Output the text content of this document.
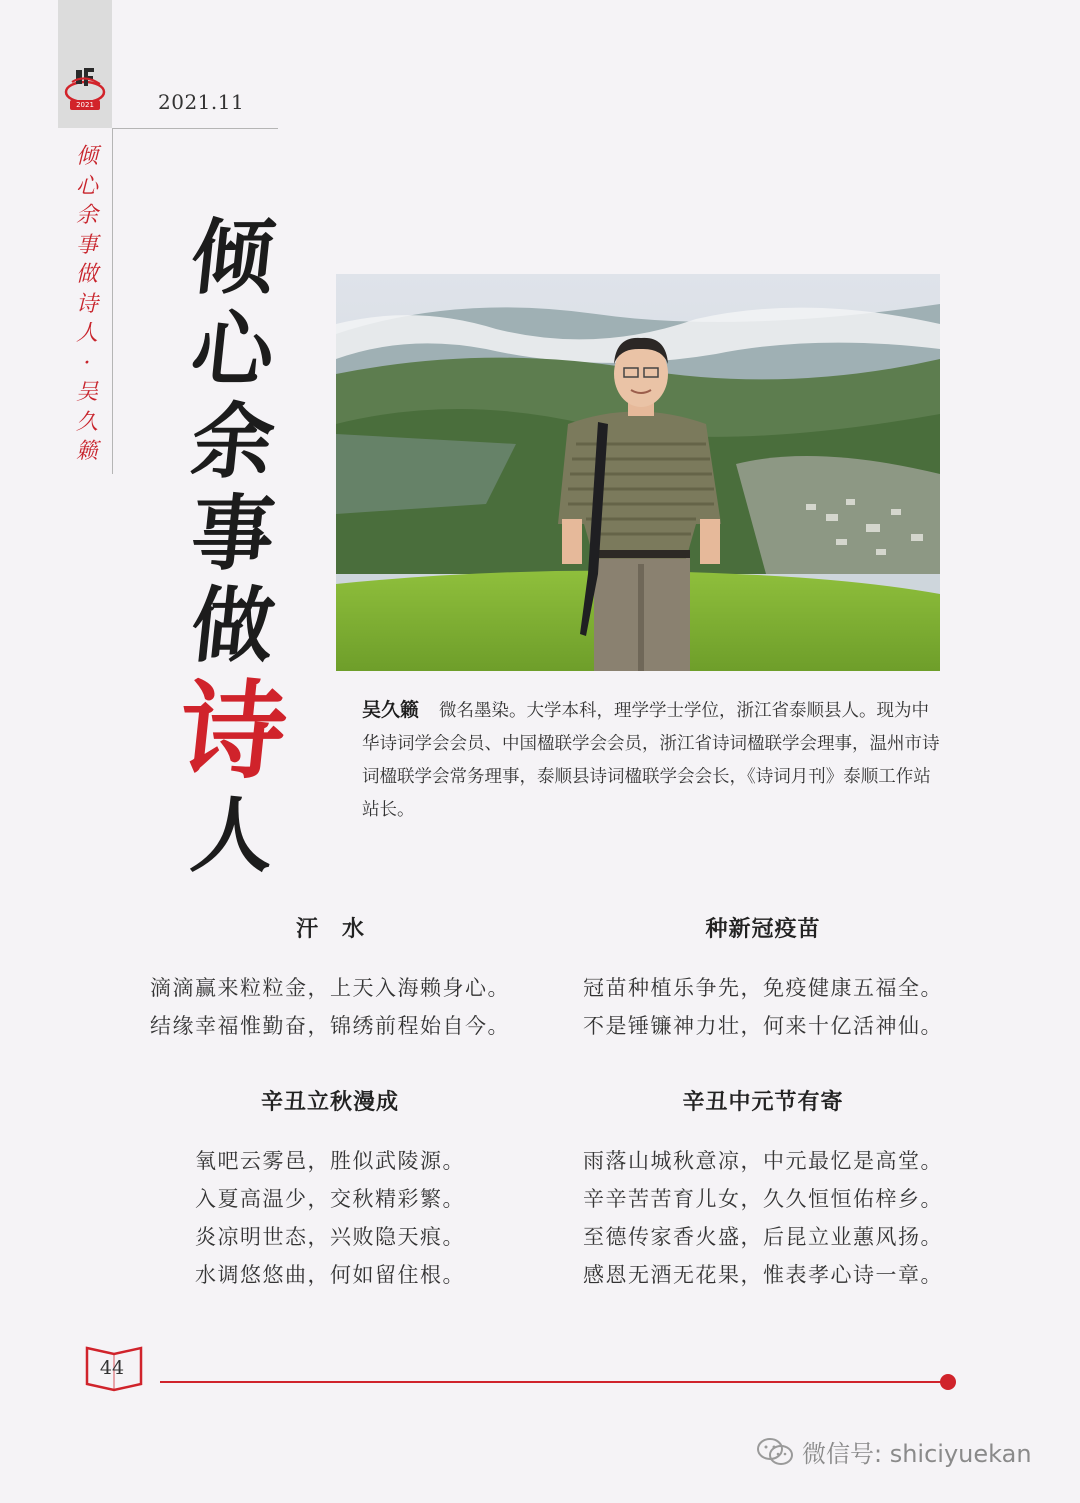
2021	2021.11
倾
心
余
事
做
诗
人
·
吴
久
籁
倾
心
余
事
做
诗
人
吴久籁 微名墨染。大学本科，理学学士学位，浙江省泰顺县人。现为中华诗词学会会员、中国楹联学会会员，浙江省诗词楹联学会理事，温州市诗词楹联学会常务理事，泰顺县诗词楹联学会会长，《诗词月刊》泰顺工作站站长。
汗水
滴滴赢来粒粒金，上天入海赖身心。
结缘幸福惟勤奋，锦绣前程始自今。
种新冠疫苗
冠苗种植乐争先，免疫健康五福全。
不是锤镰神力壮，何来十亿活神仙。
辛丑立秋漫成
氧吧云雾邑，胜似武陵源。
入夏高温少，交秋精彩繁。
炎凉明世态，兴败隐天痕。
水调悠悠曲，何如留住根。
辛丑中元节有寄
雨落山城秋意凉，中元最忆是高堂。
辛辛苦苦育儿女，久久恒恒佑梓乡。
至德传家香火盛，后昆立业蕙风扬。
感恩无酒无花果，惟表孝心诗一章。
44
微信号: shiciyuekan
